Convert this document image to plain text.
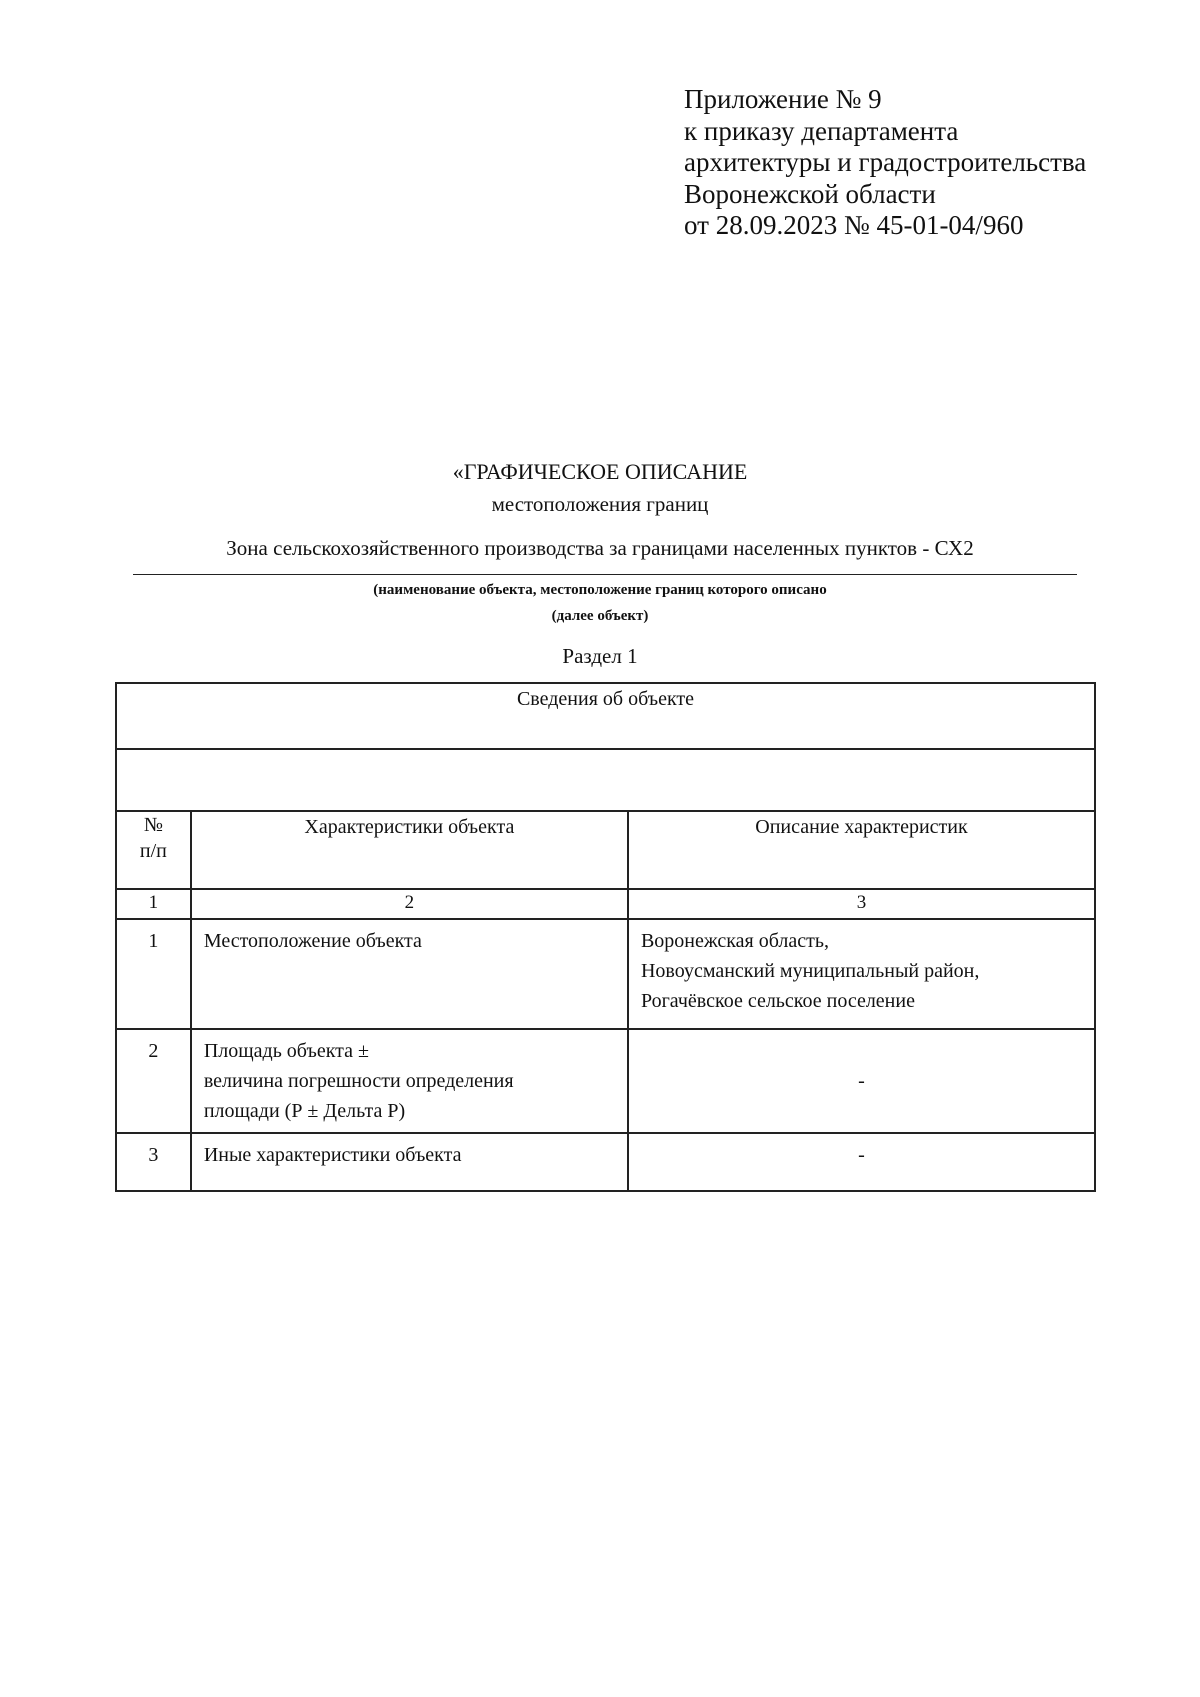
Приложение № 9
к приказу департамента
архитектуры и градостроительства
Воронежской области
от 28.09.2023 № 45-01-04/960
«ГРАФИЧЕСКОЕ ОПИСАНИЕ
местоположения границ
Зона сельскохозяйственного производства за границами населенных пунктов - СХ2
(наименование объекта, местоположение границ которого описано
(далее объект)
Раздел 1
Сведения об объекте		

№
п/п	Характеристики объекта	Описание характеристик
1	2	3
1	Местоположение объекта	Воронежская область,
Новоусманский муниципальный район,
Рогачёвское сельское поселение

2	Площадь объекта ±
величина погрешности определения
площади (Р ± Дельта Р)	-

3	Иные характеристики объекта	-
